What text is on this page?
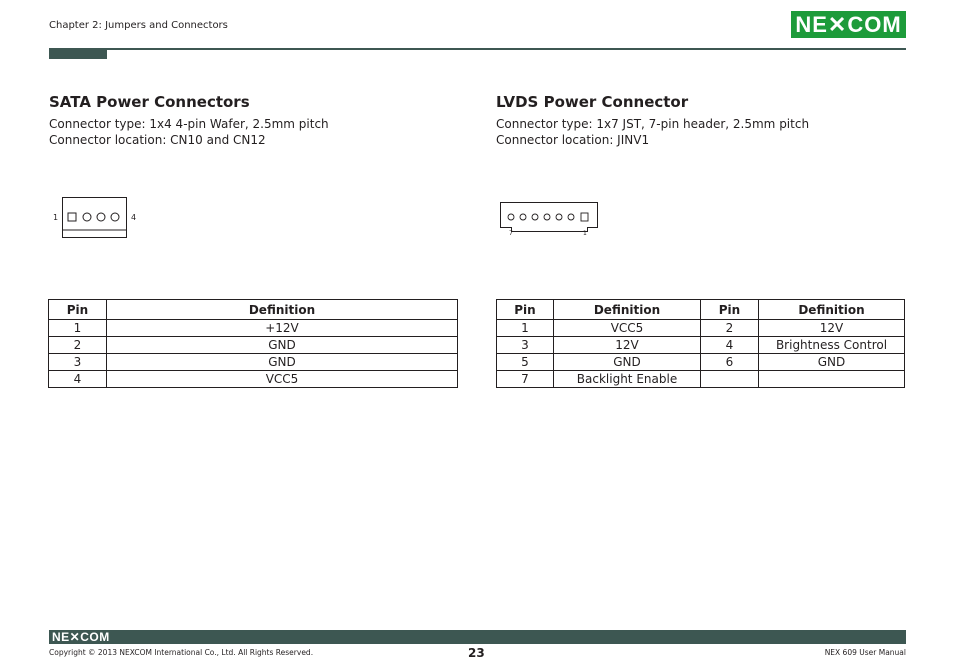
Chapter 2: Jumpers and Connectors	NE✕COM
SATA Power Connectors
Connector type: 1x4 4-pin Wafer, 2.5mm pitch
Connector location: CN10 and CN12
1	4
Pin	Definition
1	+12V
2	GND
3	GND
4	VCC5
LVDS Power Connector
Connector type: 1x7 JST, 7-pin header, 2.5mm pitch
Connector location: JINV1
7	1
Pin	Definition	Pin	Definition
1	VCC5	2	12V
3	12V	4	Brightness Control
5	GND	6	GND
7	Backlight Enable		
NE✕COM
Copyright © 2013 NEXCOM International Co., Ltd. All Rights Reserved.	23	NEX 609 User Manual
